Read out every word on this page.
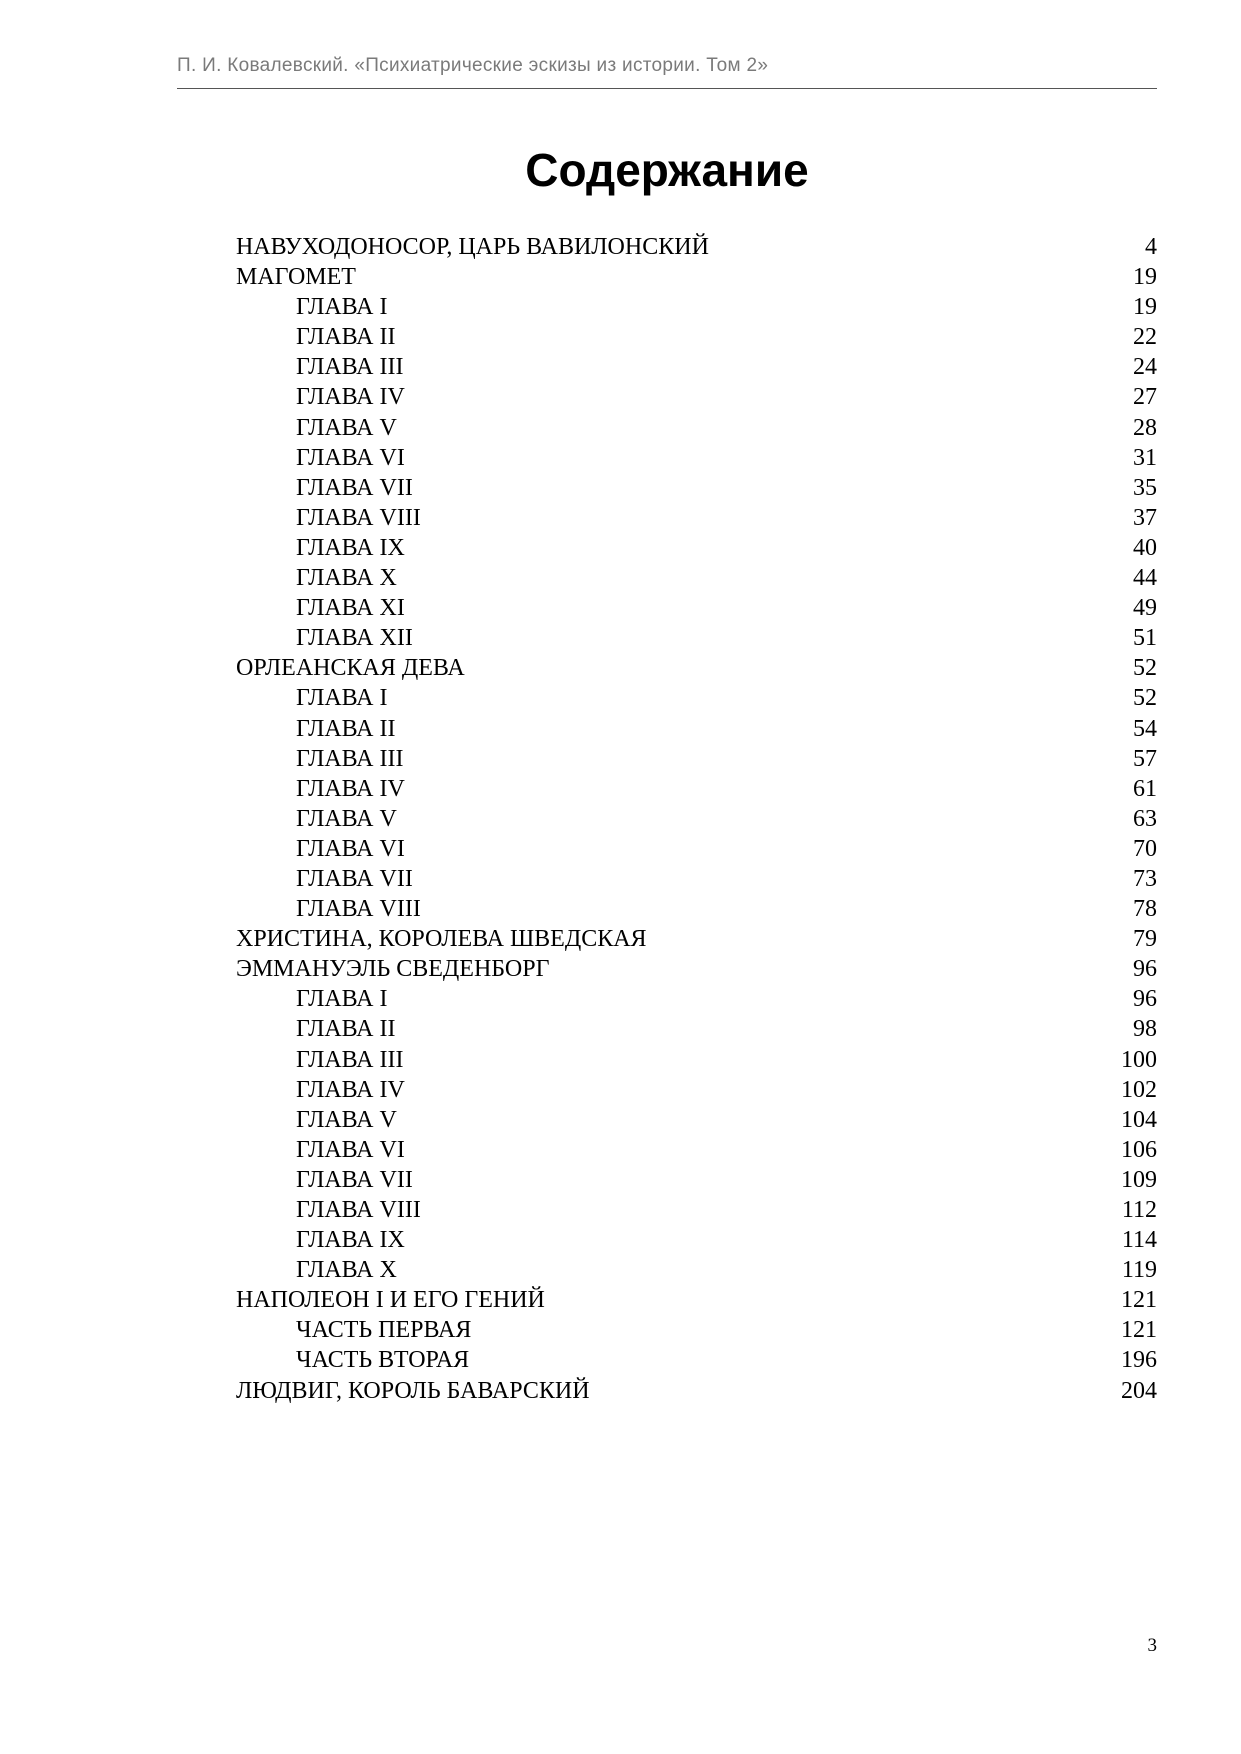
П. И. Ковалевский. «Психиатрические эскизы из истории. Том 2»
Содержание
НАВУХОДОНОСОР, ЦАРЬ ВАВИЛОНСКИЙ	4
МАГОМЕТ	19
ГЛАВА I	19
ГЛАВА II	22
ГЛАВА III	24
ГЛАВА IV	27
ГЛАВА V	28
ГЛАВА VI	31
ГЛАВА VII	35
ГЛАВА VIII	37
ГЛАВА IX	40
ГЛАВА X	44
ГЛАВА XI	49
ГЛАВА XII	51
ОРЛЕАНСКАЯ ДЕВА	52
ГЛАВА I	52
ГЛАВА II	54
ГЛАВА III	57
ГЛАВА IV	61
ГЛАВА V	63
ГЛАВА VI	70
ГЛАВА VII	73
ГЛАВА VIII	78
ХРИСТИНА, КОРОЛЕВА ШВЕДСКАЯ	79
ЭММАНУЭЛЬ СВЕДЕНБОРГ	96
ГЛАВА I	96
ГЛАВА II	98
ГЛАВА III	100
ГЛАВА IV	102
ГЛАВА V	104
ГЛАВА VI	106
ГЛАВА VII	109
ГЛАВА VIII	112
ГЛАВА IX	114
ГЛАВА X	119
НАПОЛЕОН I И ЕГО ГЕНИЙ	121
ЧАСТЬ ПЕРВАЯ	121
ЧАСТЬ ВТОРАЯ	196
ЛЮДВИГ, КОРОЛЬ БАВАРСКИЙ	204
3
